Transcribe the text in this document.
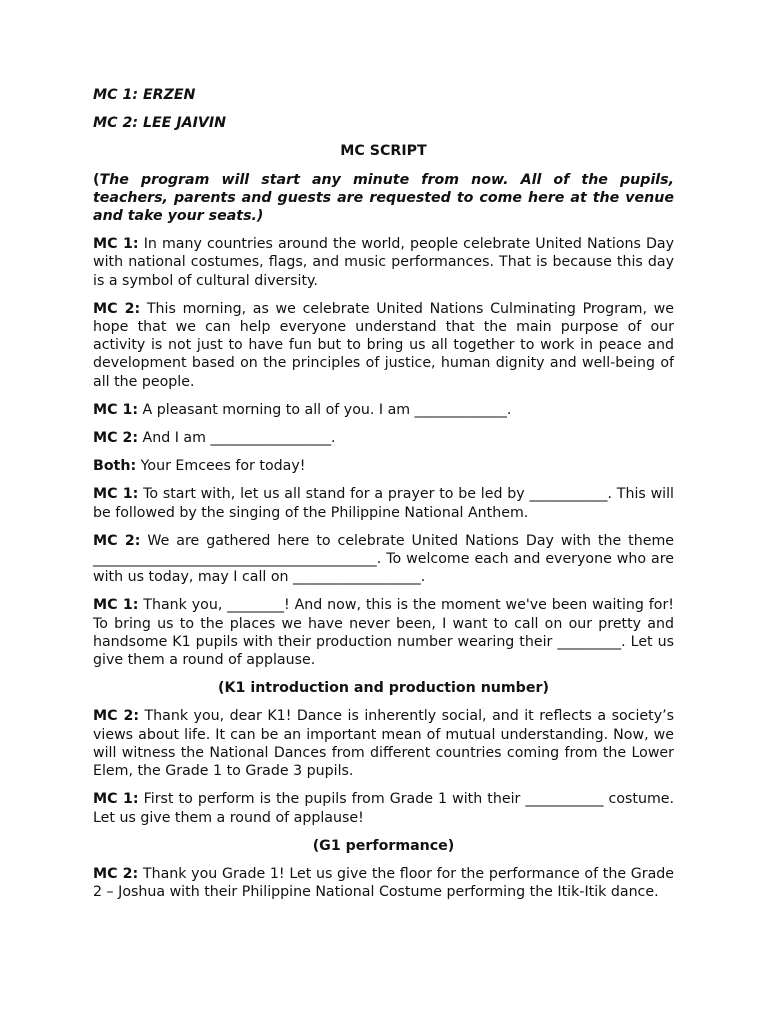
MC 1: ERZEN

MC 2: LEE JAIVIN

MC SCRIPT

(The program will start any minute from now. All of the pupils, teachers, parents and guests are requested to come here at the venue and take your seats.)

MC 1: In many countries around the world, people celebrate United Nations Day with national costumes, flags, and music performances. That is because this day is a symbol of cultural diversity.

MC 2: This morning, as we celebrate United Nations Culminating Program, we hope that we can help everyone understand that the main purpose of our activity is not just to have fun but to bring us all together to work in peace and development based on the principles of justice, human dignity and well-being of all the people.

MC 1: A pleasant morning to all of you. I am _____________.

MC 2: And I am _________________.

Both: Your Emcees for today!

MC 1: To start with, let us all stand for a prayer to be led by ___________. This will be followed by the singing of the Philippine National Anthem.

MC 2: We are gathered here to celebrate United Nations Day with the theme ________________________________________. To welcome each and everyone who are with us today, may I call on __________________.

MC 1: Thank you, ________! And now, this is the moment we've been waiting for! To bring us to the places we have never been, I want to call on our pretty and handsome K1 pupils with their production number wearing their _________. Let us give them a round of applause.

(K1 introduction and production number)

MC 2: Thank you, dear K1! Dance is inherently social, and it reflects a society’s views about life. It can be an important mean of mutual understanding. Now, we will witness the National Dances from different countries coming from the Lower Elem, the Grade 1 to Grade 3 pupils.

MC 1: First to perform is the pupils from Grade 1 with their ___________ costume. Let us give them a round of applause!

(G1 performance)

MC 2: Thank you Grade 1! Let us give the floor for the performance of the Grade 2 – Joshua with their Philippine National Costume performing the Itik-Itik dance.
